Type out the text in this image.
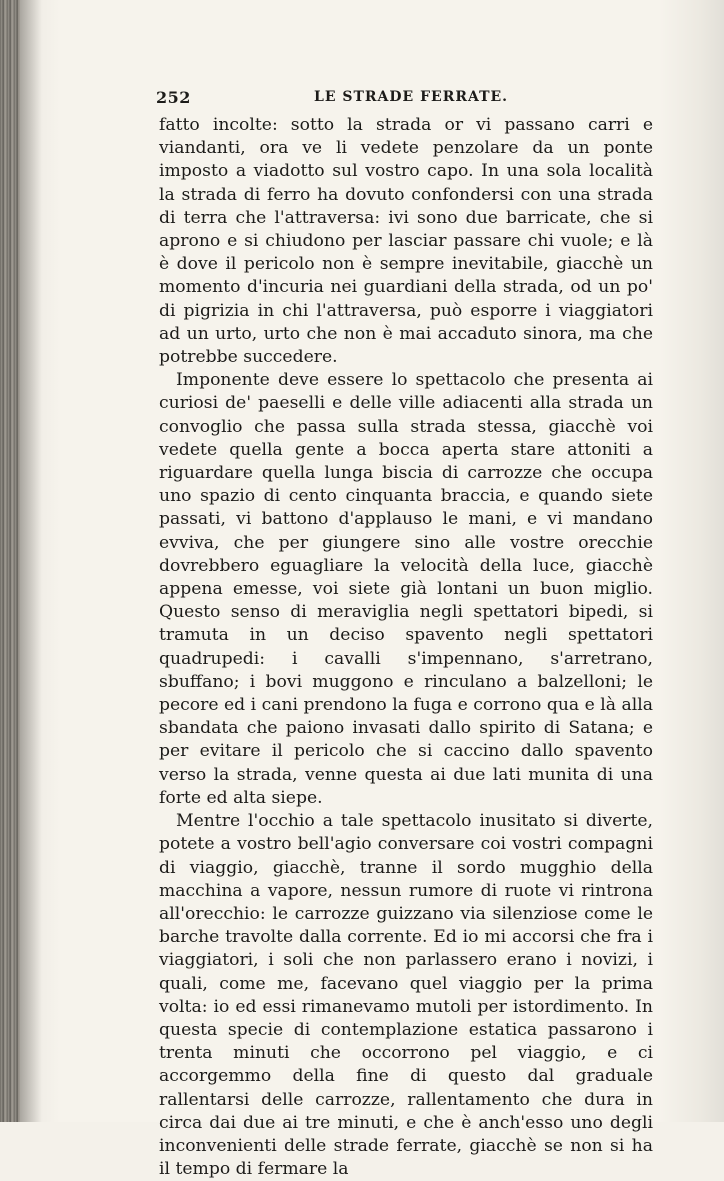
252	LE STRADE FERRATE.

fatto incolte: sotto la strada or vi passano carri e viandanti, ora ve li vedete penzolare da un ponte imposto a viadotto sul vostro capo. In una sola località la strada di ferro ha dovuto confondersi con una strada di terra che l'attraversa: ivi sono due barricate, che si aprono e si chiudono per lasciar passare chi vuole; e là è dove il pericolo non è sempre inevitabile, giacchè un momento d'incuria nei guardiani della strada, od un po' di pigrizia in chi l'attraversa, può esporre i viaggiatori ad un urto, urto che non è mai accaduto sinora, ma che potrebbe succedere.

Imponente deve essere lo spettacolo che presenta ai curiosi de' paeselli e delle ville adiacenti alla strada un convoglio che passa sulla strada stessa, giacchè voi vedete quella gente a bocca aperta stare attoniti a riguardare quella lunga biscia di carrozze che occupa uno spazio di cento cinquanta braccia, e quando siete passati, vi battono d'applauso le mani, e vi mandano evviva, che per giungere sino alle vostre orecchie dovrebbero eguagliare la velocità della luce, giacchè appena emesse, voi siete già lontani un buon miglio. Questo senso di meraviglia negli spettatori bipedi, si tramuta in un deciso spavento negli spettatori quadrupedi: i cavalli s'impennano, s'arretrano, sbuffano; i bovi muggono e rinculano a balzelloni; le pecore ed i cani prendono la fuga e corrono qua e là alla sbandata che paiono invasati dallo spirito di Satana; e per evitare il pericolo che si caccino dallo spavento verso la strada, venne questa ai due lati munita di una forte ed alta siepe.

Mentre l'occhio a tale spettacolo inusitato si diverte, potete a vostro bell'agio conversare coi vostri compagni di viaggio, giacchè, tranne il sordo mugghio della macchina a vapore, nessun rumore di ruote vi rintrona all'orecchio: le carrozze guizzano via silenziose come le barche travolte dalla corrente. Ed io mi accorsi che fra i viaggiatori, i soli che non parlassero erano i novizi, i quali, come me, facevano quel viaggio per la prima volta: io ed essi rimanevamo mutoli per istordimento. In questa specie di contemplazione estatica passarono i trenta minuti che occorrono pel viaggio, e ci accorgemmo della fine di questo dal graduale rallentarsi delle carrozze, rallentamento che dura in circa dai due ai tre minuti, e che è anch'esso uno degli inconvenienti delle strade ferrate, giacchè se non si ha il tempo di fermare la
